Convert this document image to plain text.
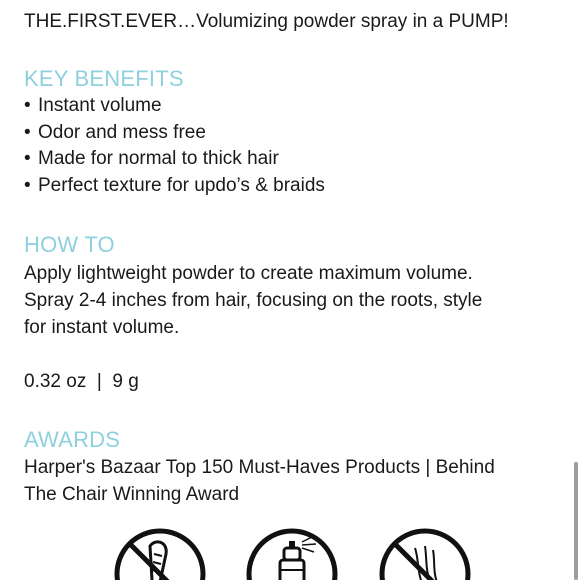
THE.FIRST.EVER…Volumizing powder spray in a PUMP!
KEY BENEFITS
• Instant volume
• Odor and mess free
• Made for normal to thick hair
• Perfect texture for updo’s & braids
HOW TO
Apply lightweight powder to create maximum volume.
Spray 2-4 inches from hair, focusing on the roots, style
for instant volume.
0.32 oz  |  9 g
AWARDS
Harper's Bazaar Top 150 Must-Haves Products | Behind
The Chair Winning Award
